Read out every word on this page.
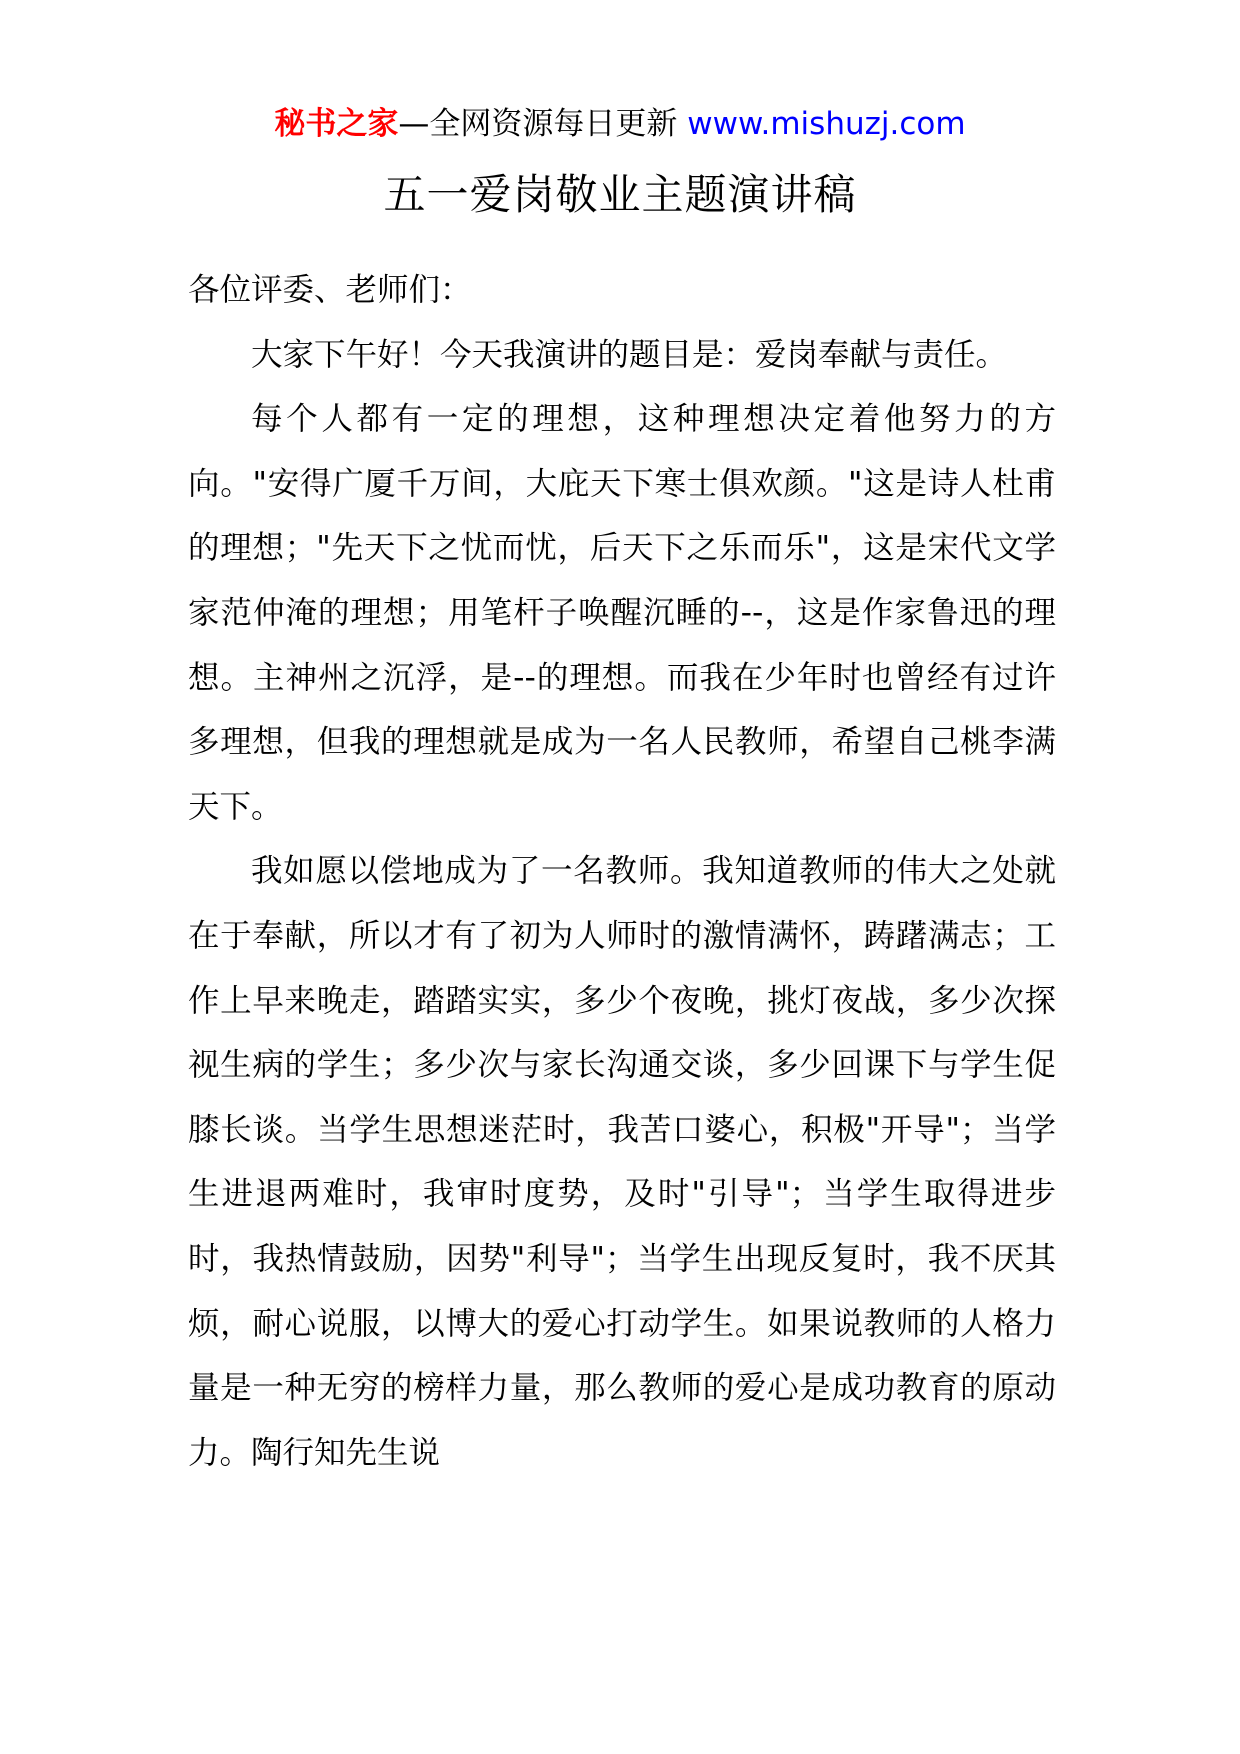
秘书之家—全网资源每日更新 www.mishuzj.com
五一爱岗敬业主题演讲稿

各位评委、老师们：

大家下午好！今天我演讲的题目是：爱岗奉献与责任。

每个人都有一定的理想，这种理想决定着他努力的方向。"安得广厦千万间，大庇天下寒士俱欢颜。"这是诗人杜甫的理想；"先天下之忧而忧，后天下之乐而乐"，这是宋代文学家范仲淹的理想；用笔杆子唤醒沉睡的--，这是作家鲁迅的理想。主神州之沉浮，是--的理想。而我在少年时也曾经有过许多理想，但我的理想就是成为一名人民教师，希望自己桃李满天下。

我如愿以偿地成为了一名教师。我知道教师的伟大之处就在于奉献，所以才有了初为人师时的激情满怀，踌躇满志；工作上早来晚走，踏踏实实，多少个夜晚，挑灯夜战，多少次探视生病的学生；多少次与家长沟通交谈，多少回课下与学生促膝长谈。当学生思想迷茫时，我苦口婆心，积极"开导"；当学生进退两难时，我审时度势，及时"引导"；当学生取得进步时，我热情鼓励，因势"利导"；当学生出现反复时，我不厌其烦，耐心说服，以博大的爱心打动学生。如果说教师的人格力量是一种无穷的榜样力量，那么教师的爱心是成功教育的原动力。陶行知先生说
